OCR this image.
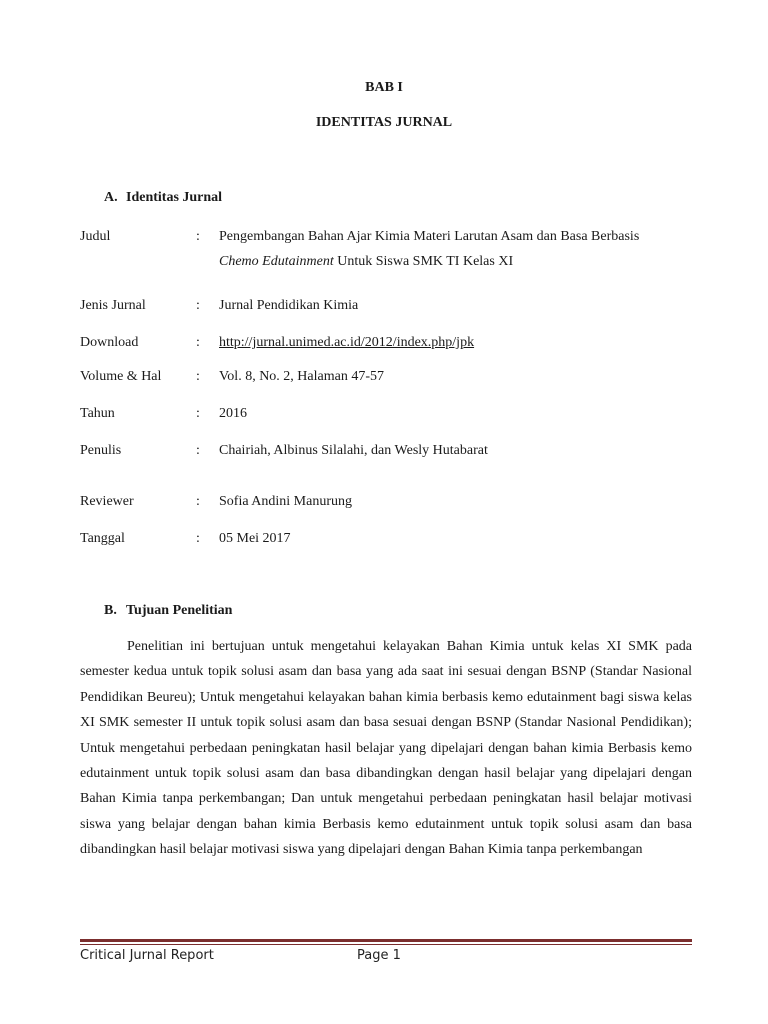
BAB I
IDENTITAS JURNAL
A. Identitas Jurnal
Judul	: Pengembangan Bahan Ajar Kimia Materi Larutan Asam dan Basa Berbasis
Chemo Edutainment Untuk Siswa SMK TI Kelas XI
Jenis Jurnal	: Jurnal Pendidikan Kimia
Download	: http://jurnal.unimed.ac.id/2012/index.php/jpk
Volume & Hal : Vol. 8, No. 2, Halaman 47-57
Tahun	: 2016
Penulis	: Chairiah, Albinus Silalahi, dan Wesly Hutabarat
Reviewer	: Sofia Andini Manurung
Tanggal	: 05 Mei 2017
B. Tujuan Penelitian

Penelitian ini bertujuan untuk mengetahui kelayakan Bahan Kimia untuk kelas XI SMK pada semester kedua untuk topik solusi asam dan basa yang ada saat ini sesuai dengan BSNP (Standar Nasional Pendidikan Beureu); Untuk mengetahui kelayakan bahan kimia berbasis kemo edutainment bagi siswa kelas XI SMK semester II untuk topik solusi asam dan basa sesuai dengan BSNP (Standar Nasional Pendidikan); Untuk mengetahui perbedaan peningkatan hasil belajar yang dipelajari dengan bahan kimia Berbasis kemo edutainment untuk topik solusi asam dan basa dibandingkan dengan hasil belajar yang dipelajari dengan Bahan Kimia tanpa perkembangan; Dan untuk mengetahui perbedaan peningkatan hasil belajar motivasi siswa yang belajar dengan bahan kimia Berbasis kemo edutainment untuk topik solusi asam dan basa dibandingkan hasil belajar motivasi siswa yang dipelajari dengan Bahan Kimia tanpa perkembangan

Critical Jurnal Report	Page 1
